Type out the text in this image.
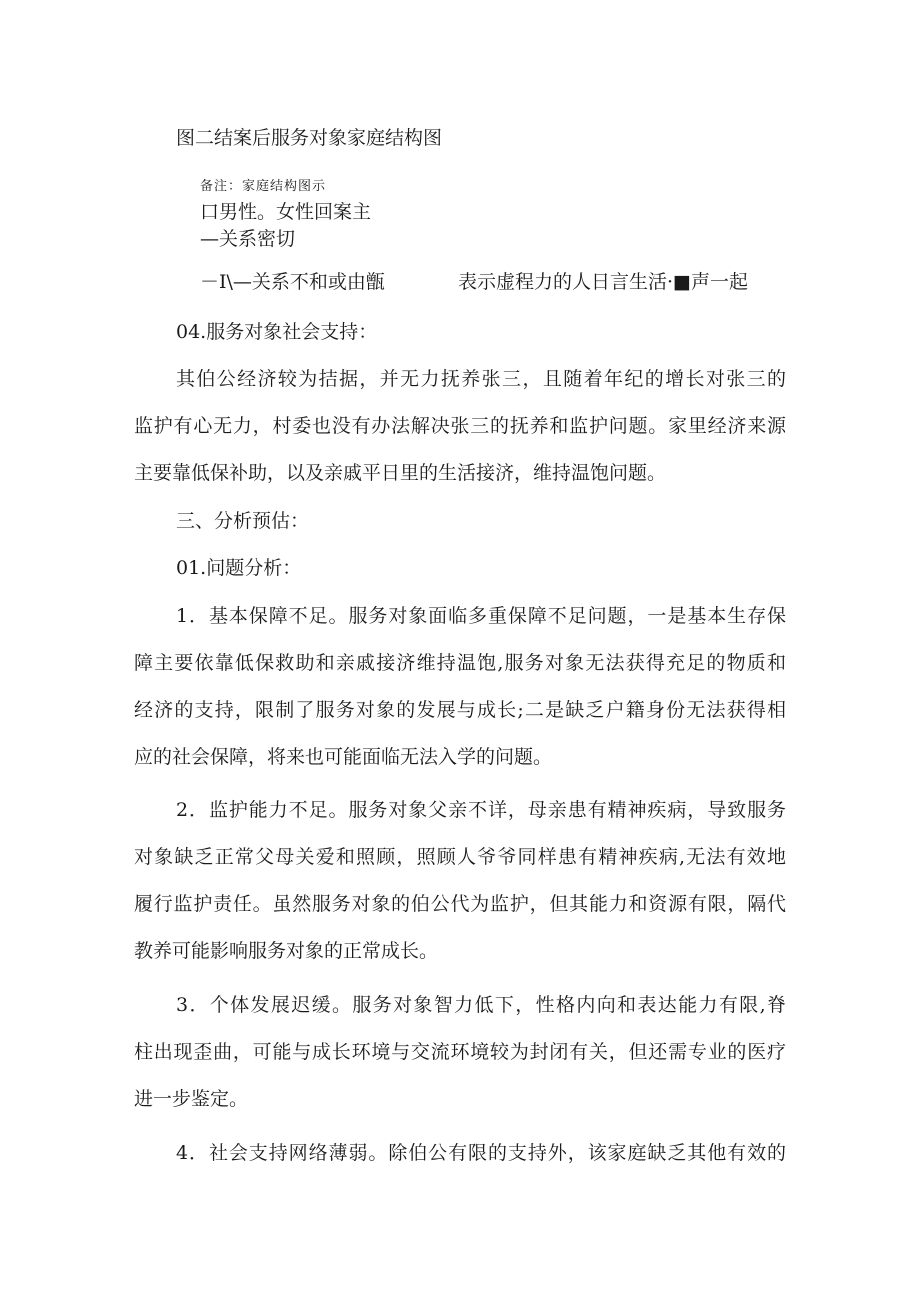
图二结案后服务对象家庭结构图
备注：家庭结构图示
口男性。女性回案主
—关系密切
－I\—关系不和或由甑	表示虚程力的人日言生活·■声一起
04.服务对象社会支持：
其伯公经济较为拮据，并无力抚养张三，且随着年纪的增长对张三的
监护有心无力，村委也没有办法解决张三的抚养和监护问题。家里经济来源
主要靠低保补助，以及亲戚平日里的生活接济，维持温饱问题。
三、分析预估：
01.问题分析：
1．基本保障不足。服务对象面临多重保障不足问题，一是基本生存保
障主要依靠低保救助和亲戚接济维持温饱,服务对象无法获得充足的物质和
经济的支持，限制了服务对象的发展与成长;二是缺乏户籍身份无法获得相
应的社会保障，将来也可能面临无法入学的问题。
2．监护能力不足。服务对象父亲不详，母亲患有精神疾病，导致服务
对象缺乏正常父母关爱和照顾，照顾人爷爷同样患有精神疾病,无法有效地
履行监护责任。虽然服务对象的伯公代为监护，但其能力和资源有限，隔代
教养可能影响服务对象的正常成长。
3．个体发展迟缓。服务对象智力低下，性格内向和表达能力有限,脊
柱出现歪曲，可能与成长环境与交流环境较为封闭有关，但还需专业的医疗
进一步鉴定。
4．社会支持网络薄弱。除伯公有限的支持外，该家庭缺乏其他有效的
